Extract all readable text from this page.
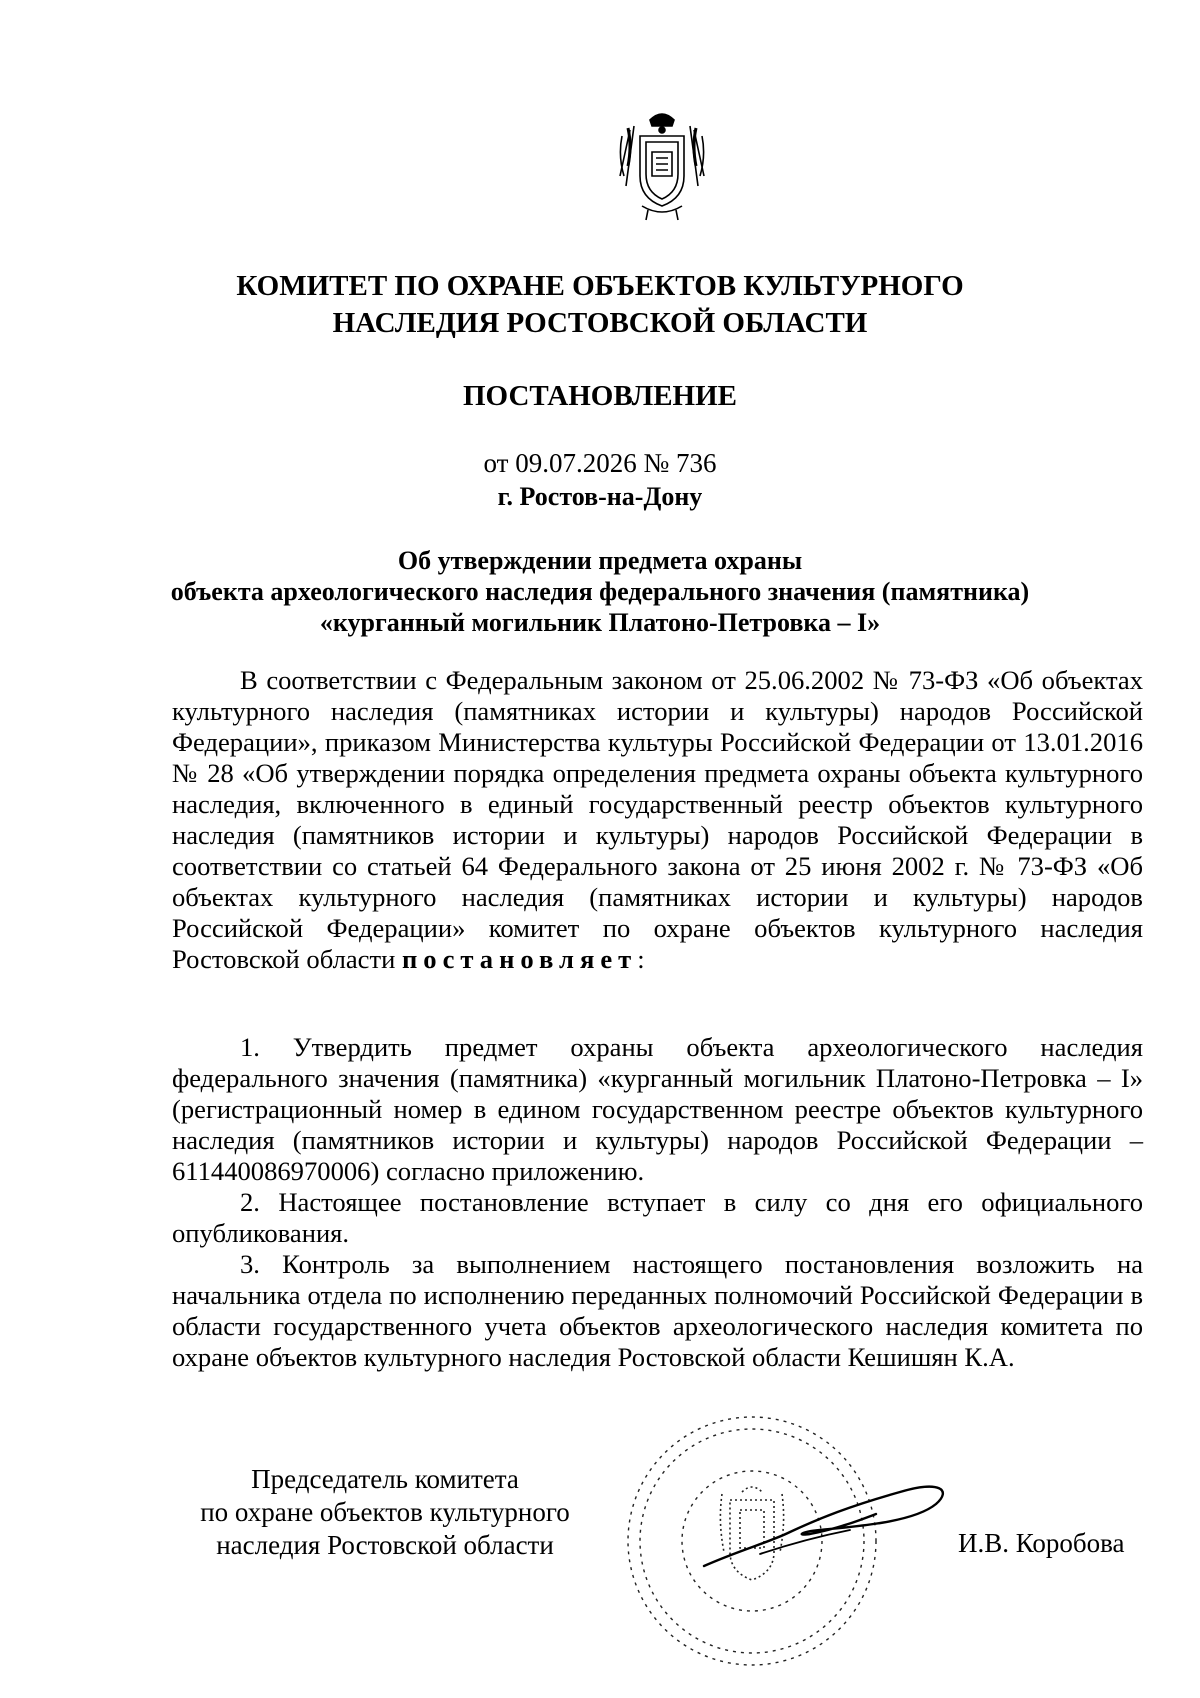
КОМИТЕТ ПО ОХРАНЕ ОБЪЕКТОВ КУЛЬТУРНОГО
НАСЛЕДИЯ РОСТОВСКОЙ ОБЛАСТИ
ПОСТАНОВЛЕНИЕ
от 09.07.2026 № 736
г. Ростов-на-Дону
Об утверждении предмета охраны
объекта археологического наследия федерального значения (памятника)
«курганный могильник Платоно-Петровка – I»

В соответствии с Федеральным законом от 25.06.2002 № 73-ФЗ «Об объектах культурного наследия (памятниках истории и культуры) народов Российской Федерации», приказом Министерства культуры Российской Федерации от 13.01.2016 № 28 «Об утверждении порядка определения предмета охраны объекта культурного наследия, включенного в единый государственный реестр объектов культурного наследия (памятников истории и культуры) народов Российской Федерации в соответствии со статьей 64 Федерального закона от 25 июня 2002 г. № 73-ФЗ «Об объектах культурного наследия (памятниках истории и культуры) народов Российской Федерации» комитет по охране объектов культурного наследия Ростовской области постановляет:

1. Утвердить предмет охраны объекта археологического наследия федерального значения (памятника) «курганный могильник Платоно-Петровка – I» (регистрационный номер в едином государственном реестре объектов культурного наследия (памятников истории и культуры) народов Российской Федерации – 611440086970006) согласно приложению.

2. Настоящее постановление вступает в силу со дня его официального опубликования.

3. Контроль за выполнением настоящего постановления возложить на начальника отдела по исполнению переданных полномочий Российской Федерации в области государственного учета объектов археологического наследия комитета по охране объектов культурного наследия Ростовской области Кешишян К.А.

Председатель комитета
по охране объектов культурного
наследия Ростовской области	И.В. Коробова
